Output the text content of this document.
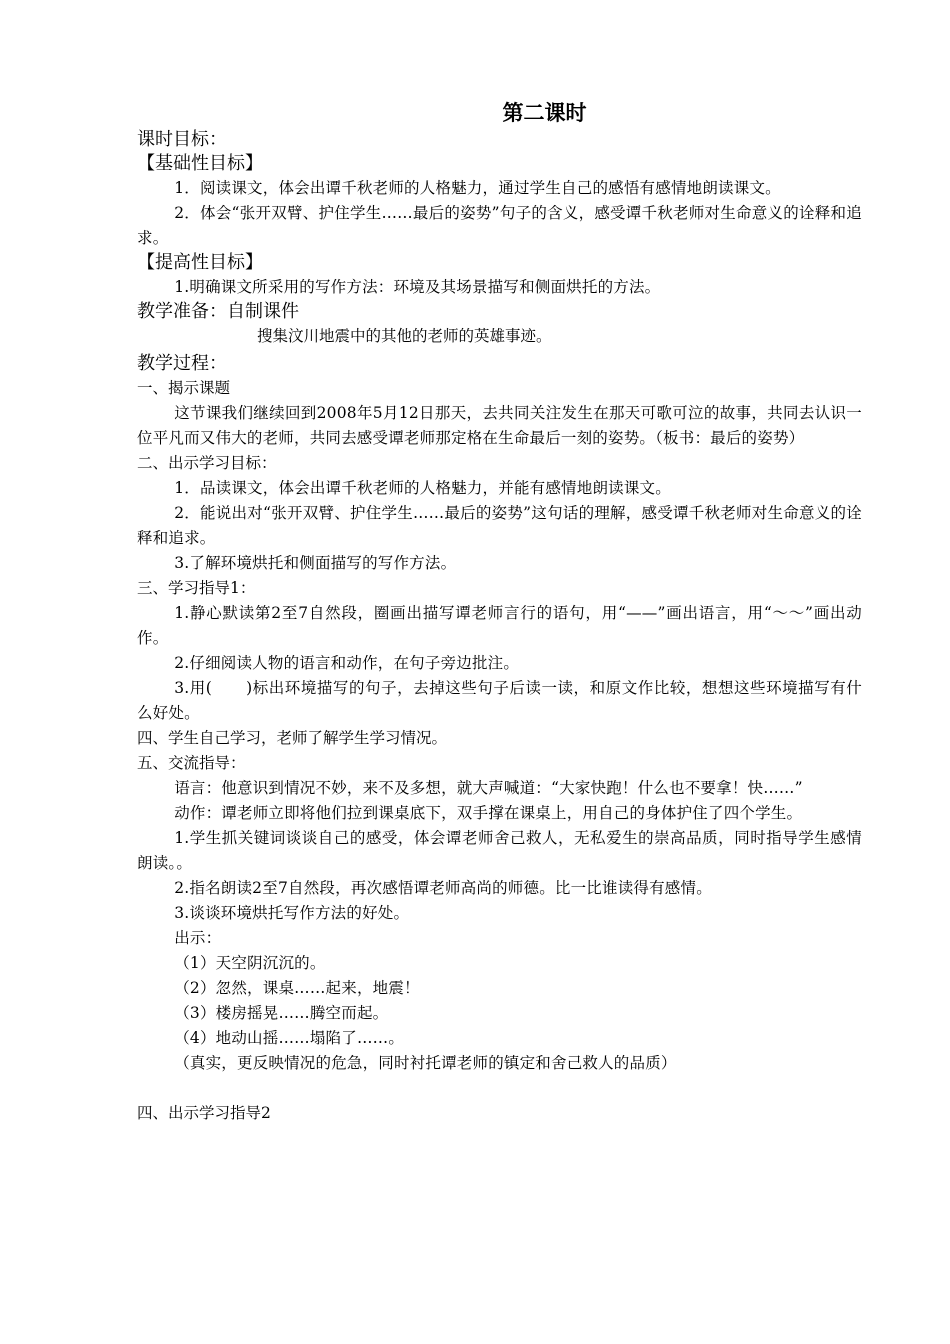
第二课时
课时目标：
【基础性目标】

1．阅读课文，体会出谭千秋老师的人格魅力，通过学生自己的感悟有感情地朗读课文。

2．体会“张开双臂、护住学生……最后的姿势”句子的含义，感受谭千秋老师对生命意义的诠释和追求。

【提高性目标】

1.明确课文所采用的写作方法：环境及其场景描写和侧面烘托的方法。

教学准备：自制课件
搜集汶川地震中的其他的老师的英雄事迹。
教学过程：
一、揭示课题

这节课我们继续回到2008年5月12日那天，去共同关注发生在那天可歌可泣的故事，共同去认识一位平凡而又伟大的老师，共同去感受谭老师那定格在生命最后一刻的姿势。（板书：最后的姿势）

二、出示学习目标：

1．品读课文，体会出谭千秋老师的人格魅力，并能有感情地朗读课文。

2．能说出对“张开双臂、护住学生……最后的姿势”这句话的理解，感受谭千秋老师对生命意义的诠释和追求。

3.了解环境烘托和侧面描写的写作方法。

三、学习指导1：

1.静心默读第2至7自然段，圈画出描写谭老师言行的语句，用“——”画出语言，用“～～”画出动作。

2.仔细阅读人物的语言和动作，在句子旁边批注。

3.用( )标出环境描写的句子，去掉这些句子后读一读，和原文作比较，想想这些环境描写有什么好处。

四、学生自己学习，老师了解学生学习情况。
五、交流指导：

语言：他意识到情况不妙，来不及多想，就大声喊道：“大家快跑！什么也不要拿！快……”

动作：谭老师立即将他们拉到课桌底下，双手撑在课桌上，用自己的身体护住了四个学生。

1.学生抓关键词谈谈自己的感受，体会谭老师舍己救人，无私爱生的崇高品质，同时指导学生感情朗读。。

2.指名朗读2至7自然段，再次感悟谭老师高尚的师德。比一比谁读得有感情。

3.谈谈环境烘托写作方法的好处。

出示：

（1）天空阴沉沉的。

（2）忽然，课桌……起来，地震！

（3）楼房摇晃……腾空而起。

（4）地动山摇……塌陷了……。

（真实，更反映情况的危急，同时衬托谭老师的镇定和舍己救人的品质）

四、出示学习指导2
